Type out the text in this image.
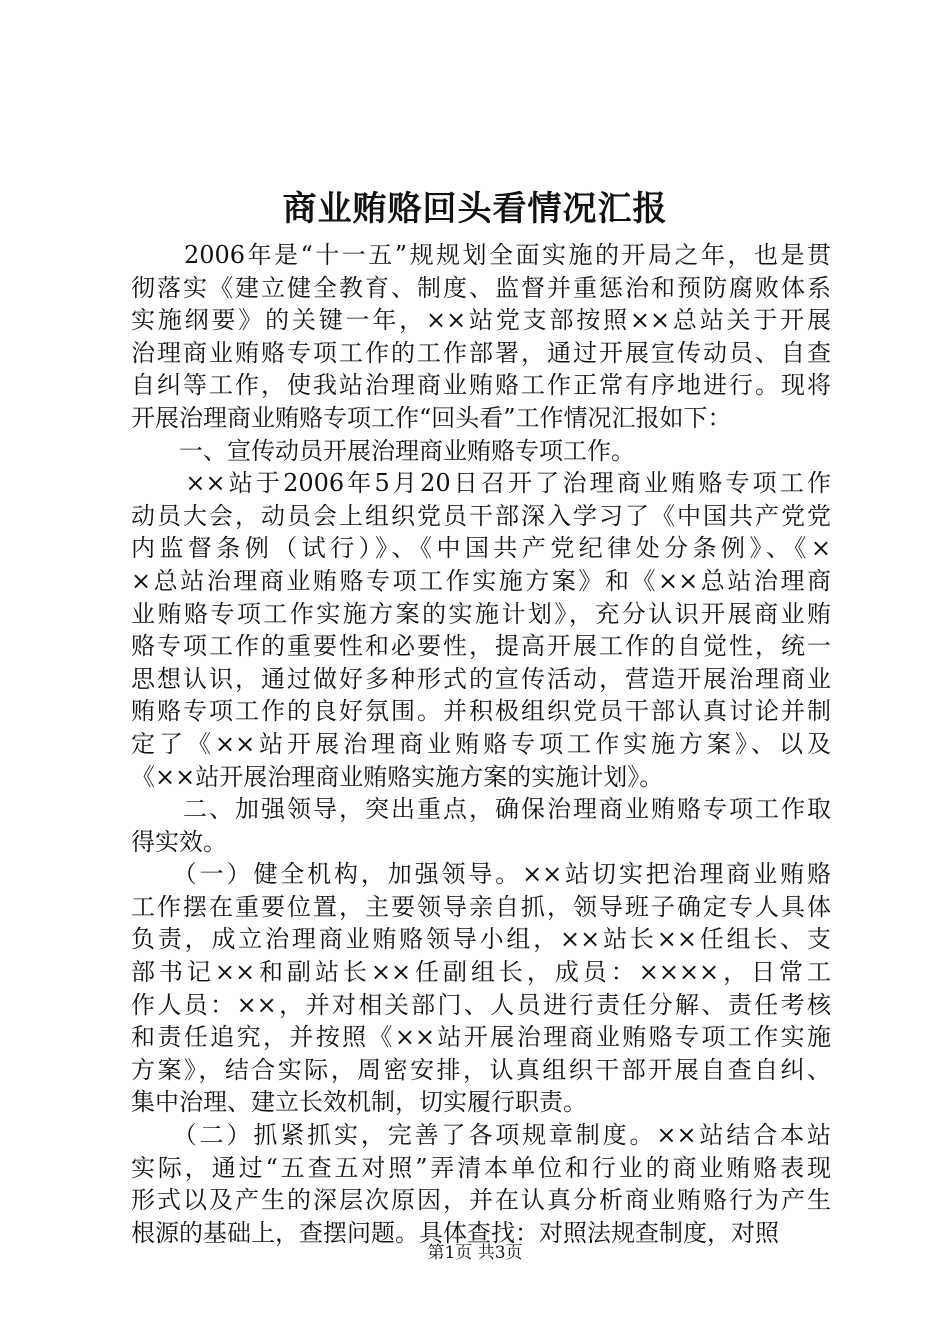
商业贿赂回头看情况汇报
　　2006年是“十一五”规规划全面实施的开局之年，也是贯
彻落实《建立健全教育、制度、监督并重惩治和预防腐败体系
实施纲要》的关键一年，××站党支部按照××总站关于开展
治理商业贿赂专项工作的工作部署，通过开展宣传动员、自查
自纠等工作，使我站治理商业贿赂工作正常有序地进行。现将
开展治理商业贿赂专项工作“回头看”工作情况汇报如下：
　　一、宣传动员开展治理商业贿赂专项工作。
　　××站于2006年5月20日召开了治理商业贿赂专项工作
动员大会，动员会上组织党员干部深入学习了《中国共产党党
内监督条例（试行）》、《中国共产党纪律处分条例》、《×
×总站治理商业贿赂专项工作实施方案》和《××总站治理商
业贿赂专项工作实施方案的实施计划》，充分认识开展商业贿
赂专项工作的重要性和必要性，提高开展工作的自觉性，统一
思想认识，通过做好多种形式的宣传活动，营造开展治理商业
贿赂专项工作的良好氛围。并积极组织党员干部认真讨论并制
定了《××站开展治理商业贿赂专项工作实施方案》、以及
《××站开展治理商业贿赂实施方案的实施计划》。
　　二、加强领导，突出重点，确保治理商业贿赂专项工作取
得实效。
　　（一）健全机构，加强领导。××站切实把治理商业贿赂
工作摆在重要位置，主要领导亲自抓，领导班子确定专人具体
负责，成立治理商业贿赂领导小组，××站长××任组长、支
部书记××和副站长××任副组长，成员：××××，日常工
作人员：××，并对相关部门、人员进行责任分解、责任考核
和责任追究，并按照《××站开展治理商业贿赂专项工作实施
方案》，结合实际，周密安排，认真组织干部开展自查自纠、
集中治理、建立长效机制，切实履行职责。
　　（二）抓紧抓实，完善了各项规章制度。××站结合本站
实际，通过“五查五对照”弄清本单位和行业的商业贿赂表现
形式以及产生的深层次原因，并在认真分析商业贿赂行为产生
根源的基础上，查摆问题。具体查找：对照法规查制度，对照
第1页 共3页
